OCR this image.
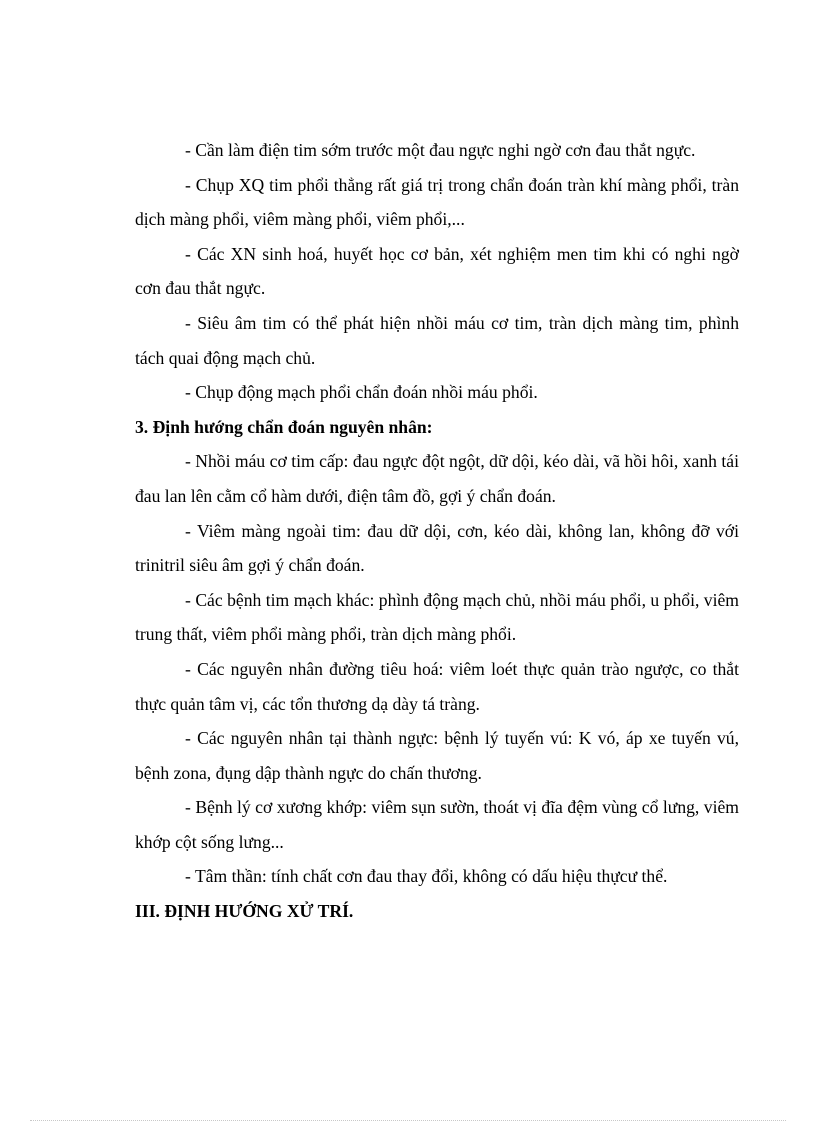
- Cần làm điện tim sớm trước một đau ngực nghi ngờ cơn đau thắt ngực.

- Chụp XQ tim phổi thẳng rất giá trị trong chẩn đoán tràn khí màng phổi, tràn dịch màng phổi, viêm màng phổi, viêm phổi,...

- Các XN sinh hoá, huyết học cơ bản, xét nghiệm men tim khi có nghi ngờ cơn đau thắt ngực.

- Siêu âm tim có thể phát hiện nhồi máu cơ tim, tràn dịch màng tim, phình tách quai động mạch chủ.

- Chụp động mạch phổi chẩn đoán nhồi máu phổi.

3. Định hướng chẩn đoán nguyên nhân:

- Nhồi máu cơ tim cấp: đau ngực đột ngột, dữ dội, kéo dài, vã hồi hôi, xanh tái đau lan lên cằm cổ hàm dưới, điện tâm đồ, gợi ý chẩn đoán.

- Viêm màng ngoài tim: đau dữ dội, cơn, kéo dài, không lan, không đỡ với trinitril siêu âm gợi ý chẩn đoán.

- Các bệnh tim mạch khác: phình động mạch chủ, nhồi máu phổi, u phổi, viêm trung thất, viêm phổi màng phổi, tràn dịch màng phổi.

- Các nguyên nhân đường tiêu hoá: viêm loét thực quản trào ngược, co thắt thực quản tâm vị, các tổn thương dạ dày tá tràng.

- Các nguyên nhân tại thành ngực: bệnh lý tuyến vú: K vó, áp xe tuyến vú, bệnh zona, đụng dập thành ngực do chấn thương.

- Bệnh lý cơ xương khớp: viêm sụn sườn, thoát vị đĩa đệm vùng cổ lưng, viêm khớp cột sống lưng...

- Tâm thần: tính chất cơn đau thay đổi, không có dấu hiệu thựcư thể.

III. ĐỊNH HƯỚNG XỬ TRÍ.
